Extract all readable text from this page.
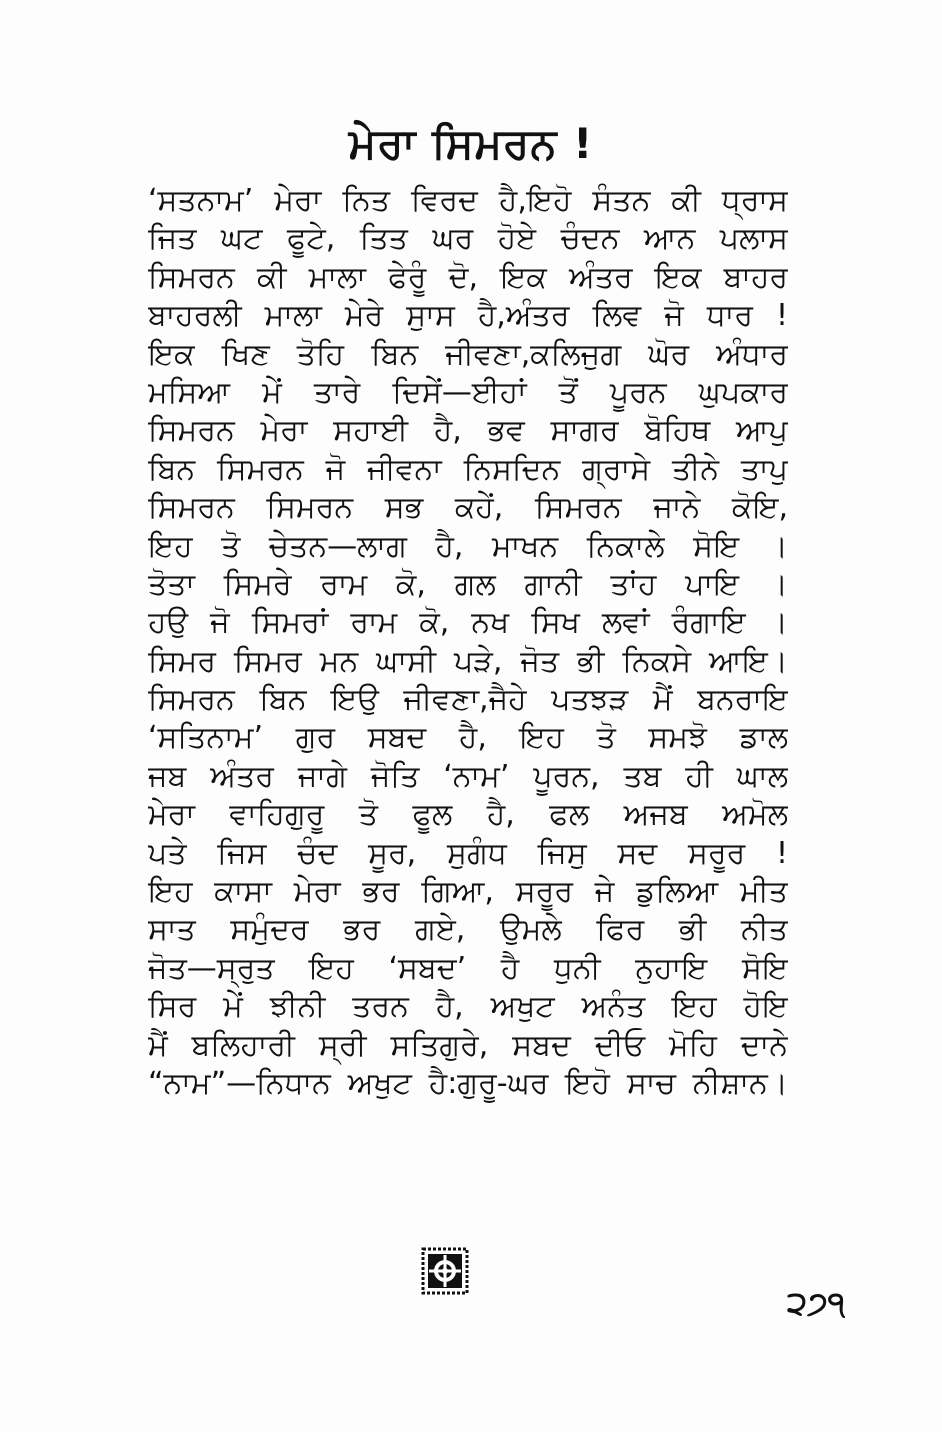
ਮੇਰਾ ਸਿਮਰਨ !
‘ਸਤਨਾਮ’ ਮੇਰਾ ਨਿਤ ਵਿਰਦ ਹੈ,ਇਹੋ ਸੰਤਨ ਕੀ ਧ੍ਰਾਸ
ਜਿਤ ਘਟ ਫੂਟੇ, ਤਿਤ ਘਰ ਹੋਏ ਚੰਦਨ ਆਨ ਪਲਾਸ
ਸਿਮਰਨ ਕੀ ਮਾਲਾ ਫੇਰੂੰ ਦੋ, ਇਕ ਅੰਤਰ ਇਕ ਬਾਹਰ
ਬਾਹਰਲੀ ਮਾਲਾ ਮੇਰੇ ਸੁਾਸ ਹੈ,ਅੰਤਰ ਲਿਵ ਜੋ ਧਾਰ !
ਇਕ ਖਿਣ ਤੋਹਿ ਬਿਨ ਜੀਵਣਾ,ਕਲਿਜੁਗ ਘੋਰ ਅੰਧਾਰ
ਮਸਿਆ ਮੇਂ ਤਾਰੇ ਦਿਸੇਂ—ਈਹਾਂ ਤੋਂ ਪੂਰਨ ਘੁਪਕਾਰ
ਸਿਮਰਨ ਮੇਰਾ ਸਹਾਈ ਹੈ, ਭਵ ਸਾਗਰ ਬੋਹਿਥ ਆਪੁ
ਬਿਨ ਸਿਮਰਨ ਜੋ ਜੀਵਨਾ ਨਿਸਦਿਨ ਗ੍ਰਾਸੇ ਤੀਨੇ ਤਾਪੁ
ਸਿਮਰਨ ਸਿਮਰਨ ਸਭ ਕਹੇਂ, ਸਿਮਰਨ ਜਾਨੇ ਕੋਇ,
ਇਹ ਤੋ ਚੇਤਨ—ਲਾਗ ਹੈ, ਮਾਖਨ ਨਿਕਾਲੇ ਸੋਇ ।
ਤੋਤਾ ਸਿਮਰੇ ਰਾਮ ਕੋ, ਗਲ ਗਾਨੀ ਤਾਂਹ ਪਾਇ ।
ਹਉ ਜੋ ਸਿਮਰਾਂ ਰਾਮ ਕੋ, ਨਖ ਸਿਖ ਲਵਾਂ ਰੰਗਾਇ ।
ਸਿਮਰ ਸਿਮਰ ਮਨ ਘਾਸੀ ਪੜੇ, ਜੋਤ ਭੀ ਨਿਕਸੇ ਆਇ।
ਸਿਮਰਨ ਬਿਨ ਇਉ ਜੀਵਣਾ,ਜੈਹੇ ਪਤਝੜ ਮੈਂ ਬਨਰਾਇ
‘ਸਤਿਨਾਮ’ ਗੁਰ ਸਬਦ ਹੈ, ਇਹ ਤੋ ਸਮਝੋ ਡਾਲ
ਜਬ ਅੰਤਰ ਜਾਗੇ ਜੋਤਿ ‘ਨਾਮ’ ਪੂਰਨ, ਤਬ ਹੀ ਘਾਲ
ਮੇਰਾ ਵਾਹਿਗੁਰੂ ਤੋ ਫੂਲ ਹੈ, ਫਲ ਅਜਬ ਅਮੋਲ
ਪਤੇ ਜਿਸ ਚੰਦ ਸੂਰ, ਸੁਗੰਧ ਜਿਸੁ ਸਦ ਸਰੂਰ !
ਇਹ ਕਾਸਾ ਮੇਰਾ ਭਰ ਗਿਆ, ਸਰੂਰ ਜੇ ਡੁਲਿਆ ਮੀਤ
ਸਾਤ ਸਮੁੰਦਰ ਭਰ ਗਏ, ਉਮਲੇ ਫਿਰ ਭੀ ਨੀਤ
ਜੋਤ—ਸ੍ਰੁਤ ਇਹ ‘ਸਬਦ’ ਹੈ ਧੁਨੀ ਨੁਹਾਇ ਸੋਇ
ਸਿਰ ਮੇਂ ਝੀਨੀ ਤਰਨ ਹੈ, ਅਖੁਟ ਅਨੰਤ ਇਹ ਹੋਇ
ਮੈਂ ਬਲਿਹਾਰੀ ਸ੍ਰੀ ਸਤਿਗੁਰੇ, ਸਬਦ ਦੀਓ ਮੋਹਿ ਦਾਨੇ
“ਨਾਮ”—ਨਿਧਾਨ ਅਖੁਟ ਹੈ:ਗੁਰੂ-ਘਰ ਇਹੋ ਸਾਚ ਨੀਸ਼ਾਨ।
੨੭੧
